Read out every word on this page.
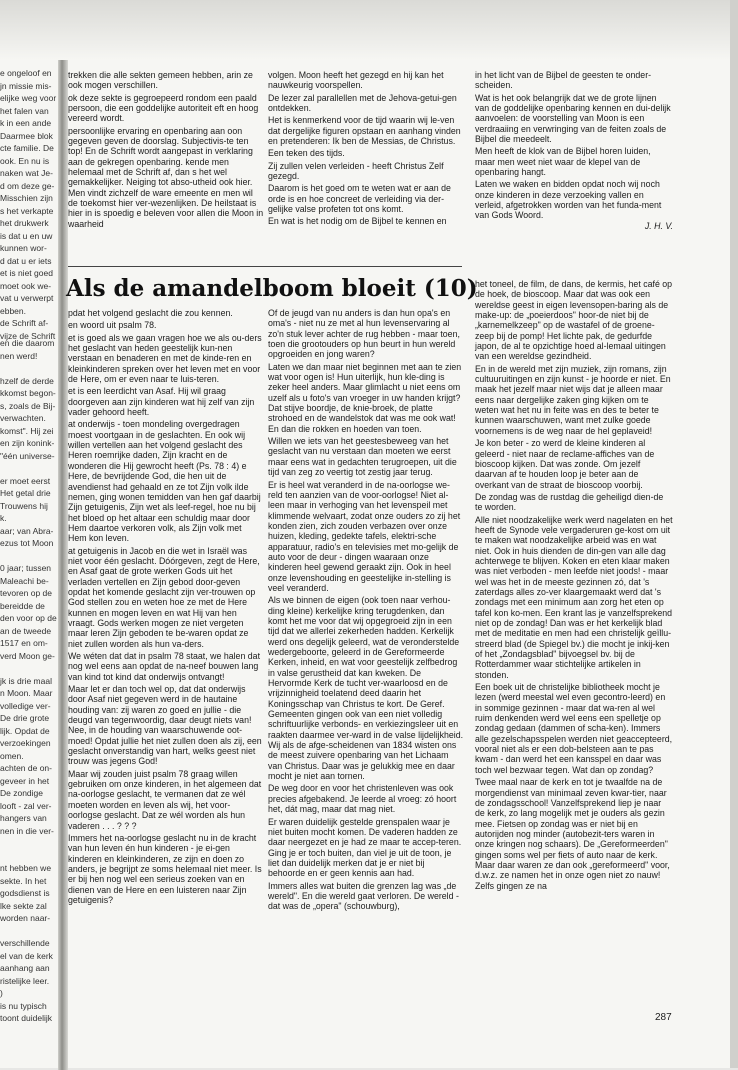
e ongeloof en

jn missie mis-

elijke weg voor

het falen van

k in een ande

Daarmee blok

cte familie. De

ook. En nu is

naken wat Je-

d om deze ge-

Misschien zijn

s het verkapte

het drukwerk

is dat u en uw

kunnen wor-

d dat u er iets

et is niet goed

moet ook we-

vat u verwerpt

ebben.

de Schrift af-

vijze de Schrift

en die daarom

nen werd!

hzelf de derde

kkomst begon-

s, zoals de Bij-

verwachten.

komst". Hij zei

en zijn konink-

"één universe-

er moet eerst

Het getal drie

Trouwens hij

k.

aar; van Abra-

ezus tot Moon

0 jaar; tussen

Maleachi be-

tevoren op de

bereidde de

den voor op de

an de tweede

1517 en om-

verd Moon ge-

jk is drie maal

n Moon. Maar

volledige ver-

De drie grote

lijk. Opdat de

verzoekingen

omen.

achten de on-

geveer in het

De zondige

looft - zal ver-

hangers van

nen in die ver-

nt hebben we

sekte. In het

godsdienst is

lke sekte zal

worden naar-

verschillende

el van de kerk

aanhang aan

ristelijke leer.

)

is nu typisch

toont duidelijk

trekken die alle sekten gemeen hebben, arin ze ook mogen verschillen.

ok deze sekte is gegroepeerd rondom een paald persoon, die een goddelijke autoriteit eft en hoog vereerd wordt.

persoonlijke ervaring en openbaring aan oon gegeven geven de doorslag. Subjectivis-te ten top! En de Schrift wordt aangepast in verklaring aan de gekregen openbaring. kende men helemaal met de Schrift af, dan s het wel gemakkelijker. Neiging tot abso-utheid ook hier. Men vindt zichzelf de ware emeente en men wil de toekomst hier ver-wezenlijken. De heilstaat is hier in is spoedig e beleven voor allen die Moon in waarheid

volgen. Moon heeft het gezegd en hij kan het nauwkeurig voorspellen.

De lezer zal parallellen met de Jehova-getui-gen ontdekken.

Het is kenmerkend voor de tijd waarin wij le-ven dat dergelijke figuren opstaan en aanhang vinden en pretenderen: Ik ben de Messias, de Christus.

Een teken des tijds.

Zij zullen velen verleiden - heeft Christus Zelf gezegd.

Daarom is het goed om te weten wat er aan de orde is en hoe concreet de verleiding via der-gelijke valse profeten tot ons komt.

En wat is het nodig om de Bijbel te kennen en

in het licht van de Bijbel de geesten te onder-scheiden.

Wat is het ook belangrijk dat we de grote lijnen van de goddelijke openbaring kennen en dui-delijk aanvoelen: de voorstelling van Moon is een verdraaiing en verwringing van de feiten zoals de Bijbel die meedeelt.

Men heeft de klok van de Bijbel horen luiden, maar men weet niet waar de klepel van de openbaring hangt.

Laten we waken en bidden opdat noch wij noch onze kinderen in deze verzoeking vallen en verleid, afgetrokken worden van het funda-ment van Gods Woord.

J. H. V.

Als de amandelboom bloeit (10)

pdat het volgend geslacht die zou kennen.

en woord uit psalm 78.

et is goed als we gaan vragen hoe we als ou-ders het geslacht van heden geestelijk kun-nen verstaan en benaderen en met de kinde-ren en kleinkinderen spreken over het leven met en voor de Here, om er even naar te luis-teren.

et is een leerdicht van Asaf. Hij wil graag doorgeven aan zijn kinderen wat hij zelf van zijn vader gehoord heeft.

at onderwijs - toen mondeling overgedragen moest voortgaan in de geslachten. En ook wij willen vertellen aan het volgend geslacht des Heren roemrijke daden, Zijn kracht en de wonderen die Hij gewrocht heeft (Ps. 78 : 4) e Here, de bevrijdende God, die hen uit de avendienst had gehaald en ze tot Zijn volk ilde nemen, ging wonen temidden van hen gaf daarbij Zijn getuigenis, Zijn wet als leef-regel, hoe nu bij het bloed op het altaar een schuldig maar door Hem daartoe verkoren volk, als Zijn volk met Hem kon leven.

at getuigenis in Jacob en die wet in Israël was niet voor één geslacht. Dóórgeven, zegt de Here, en Asaf gaat de grote werken Gods uit het verladen vertellen en Zijn gebod door-geven opdat het komende geslacht zijn ver-trouwen op God stellen zou en weten hoe ze met de Here kunnen en mogen leven en wat Hij van hen vraagt. Gods werken mogen ze niet vergeten maar leren Zijn geboden te be-waren opdat ze niet zullen worden als hun va-ders.

We wéten dat dat in psalm 78 staat, we halen dat nog wel eens aan opdat de na-neef bouwen lang van kind tot kind dat onderwijs ontvangt!

Maar let er dan toch wel op, dat dat onderwijs door Asaf niet gegeven werd in de hautaine houding van: zij waren zo goed en jullie - die deugd van tegenwoordig, daar deugt niets van! Nee, in de houding van waarschuwende oot-moed! Opdat jullie het niet zullen doen als zij, een geslacht onverstandig van hart, welks geest niet trouw was jegens God!

Maar wij zouden juist psalm 78 graag willen gebruiken om onze kinderen, in het algemeen dat na-oorlogse geslacht, te vermanen dat ze wél moeten worden en leven als wij, het voor-oorlogse geslacht. Dat ze wél worden als hun vaderen . . . ? ? ?

Immers het na-oorlogse geslacht nu in de kracht van hun leven én hun kinderen - je ei-gen kinderen en kleinkinderen, ze zijn en doen zo anders, je begrijpt ze soms helemaal niet meer. Is er bij hen nog wel een serieus zoeken van en dienen van de Here en een luisteren naar Zijn getuigenis?

Of de jeugd van nu anders is dan hun opa's en oma's - niet nu ze met al hun levenservaring al zo'n stuk lever achter de rug hebben - maar toen, toen die grootouders op hun beurt in hun wereld opgroeiden en jong waren?

Laten we dan maar niet beginnen met aan te zien wat voor ogen is! Hun uiterlijk, hun kle-ding is zeker heel anders. Maar glimlacht u niet eens om uzelf als u foto's van vroeger in uw handen krijgt? Dat stijve boordje, de knie-broek, de platte strohoed en de wandelstok dat was me ook wat! En dan die rokken en hoeden van toen.

Willen we iets van het geestesbeweeg van het geslacht van nu verstaan dan moeten we eerst maar eens wat in gedachten terugroepen, uit die tijd van zeg zo veertig tot zestig jaar terug.

Er is heel wat veranderd in de na-oorlogse we-reld ten aanzien van de voor-oorlogse! Niet al-leen maar in verhoging van het levenspeil met klimmende welvaart, zodat onze ouders zo zij het konden zien, zich zouden verbazen over onze huizen, kleding, gedekte tafels, elektri-sche apparatuur, radio's en televisies met mo-gelijk de auto voor de deur - dingen waaraan onze kinderen heel gewend geraakt zijn. Ook in heel onze levenshouding en geestelijke in-stelling is veel veranderd.

Als we binnen de eigen (ook toen naar verhou-ding kleine) kerkelijke kring terugdenken, dan komt het me voor dat wij opgegroeid zijn in een tijd dat we allerlei zekerheden hadden. Kerkelijk werd ons degelijk geleerd, wat de veronderstelde wedergeboorte, geleerd in de Gereformeerde Kerken, inheid, en wat voor geestelijk zelfbedrog in valse gerustheid dat kan kweken. De Hervormde Kerk de tucht ver-waarloosd en de vrijzinnigheid toelatend deed daarin het Koningsschap van Christus te kort. De Geref. Gemeenten gingen ook van een niet volledig schriftuurlijke verbonds- en verkiezingsleer uit en raakten daarmee ver-ward in de valse lijdelijkheid. Wij als de afge-scheidenen van 1834 wisten ons de meest zuivere openbaring van het Lichaam van Christus. Daar was je gelukkig mee en daar mocht je niet aan tornen.

De weg door en voor het christenleven was ook precies afgebakend. Je leerde al vroeg: zó hoort het, dát mag, maar dat mag niet.

Er waren duidelijk gestelde grenspalen waar je niet buiten mocht komen. De vaderen hadden ze daar neergezet en je had ze maar te accep-teren. Ging je er toch buiten, dan viel je uit de toon, je liet dan duidelijk merken dat je er niet bij behoorde en er geen kennis aan had.

Immers alles wat buiten die grenzen lag was „de wereld". En die wereld gaat verloren. De wereld - dat was de „opera" (schouwburg),

het toneel, de film, de dans, de kermis, het café op de hoek, de bioscoop. Maar dat was ook een wereldse geest in eigen levensopen-baring als de make-up: de „poeierdoos" hoor-de niet bij de „karnemelkzeep" op de wastafel of de groene-zeep bij de pomp! Het lichte pak, de gedurfde japon, de al te opzichtige hoed al-lemaal uitingen van een wereldse gezindheid.

En in de wereld met zijn muziek, zijn romans, zijn cultuuruitingen en zijn kunst - je hoorde er niet. En maak het jezelf maar niet wijs dat je alleen maar eens naar dergelijke zaken ging kijken om te weten wat het nu in feite was en des te beter te kunnen waarschuwen, want met zulke goede voornemens is de weg naar de hel geplaveid!

Je kon beter - zo werd de kleine kinderen al geleerd - niet naar de reclame-affiches van de bioscoop kijken. Dat was zonde. Om jezelf daarvan af te houden loop je beter aan de overkant van de straat de bioscoop voorbij.

De zondag was de rustdag die geheiligd dien-de te worden.

Alle niet noodzakelijke werk werd nagelaten en het heeft de Synode vele vergaderuren ge-kost om uit te maken wat noodzakelijke arbeid was en wat niet. Ook in huis dienden de din-gen van alle dag achterwege te blijven. Koken en eten klaar maken was niet verboden - men leefde niet joods! - maar wel was het in de meeste gezinnen zó, dat 's zaterdags alles zo-ver klaargemaakt werd dat 's zondags met een minimum aan zorg het eten op tafel kon ko-men. Een krant las je vanzelfsprekend niet op de zondag! Dan was er het kerkelijk blad met de meditatie en men had een christelijk geïllu-streerd blad (de Spiegel bv.) die mocht je inkij-ken of het „Zondagsblad" bijvoegsel bv. bij de Rotterdammer waar stichtelijke artikelen in stonden.

Een boek uit de christelijke bibliotheek mocht je lezen (werd meestal wel even gecontro-leerd) en in sommige gezinnen - maar dat wa-ren al wel ruim denkenden werd wel eens een spelletje op zondag gedaan (dammen of scha-ken). Immers alle gezelschapsspelen werden niet geaccepteerd, vooral niet als er een dob-belsteen aan te pas kwam - dan werd het een kansspel en daar was toch wel bezwaar tegen. Wat dan op zondag?

Twee maal naar de kerk en tot je twaalfde na de morgendienst van minimaal zeven kwar-tier, naar de zondagsschool! Vanzelfsprekend liep je naar de kerk, zo lang mogelijk met je ouders als gezin mee. Fietsen op zondag was er niet bij en autorijden nog minder (autobezit-ters waren in onze kringen nog schaars). De „Gereformeerden" gingen soms wel per fiets of auto naar de kerk. Maar daar waren ze dan ook „gereformeerd" voor, d.w.z. ze namen het in onze ogen niet zo nauw! Zelfs gingen ze na

287
